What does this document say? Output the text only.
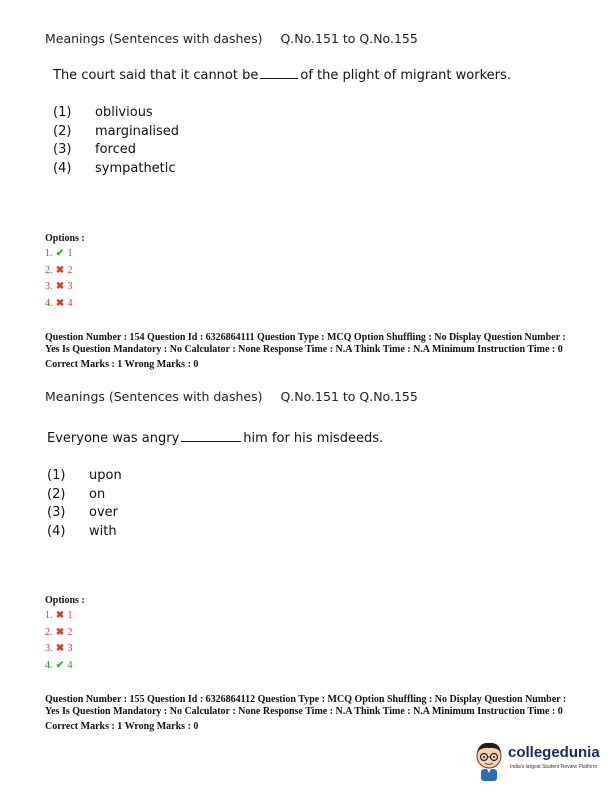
Meanings (Sentences with dashes) Q.No.151 to Q.No.155
The court said that it cannot be	of the plight of migrant workers.
(1) oblivious
(2) marginalised
(3) forced
(4) sympathetic
Options :
1. ✔ 1
2. ✖ 2
3. ✖ 3
4. ✖ 4
Question Number : 154 Question Id : 6326864111 Question Type : MCQ Option Shuffling : No Display Question Number : Yes Is Question Mandatory : No Calculator : None Response Time : N.A Think Time : N.A Minimum Instruction Time : 0
Correct Marks : 1 Wrong Marks : 0
Meanings (Sentences with dashes) Q.No.151 to Q.No.155
Everyone was angry	him for his misdeeds.
(1) upon
(2) on
(3) over
(4) with
Options :
1. ✖ 1
2. ✖ 2
3. ✖ 3
4. ✔ 4
Question Number : 155 Question Id : 6326864112 Question Type : MCQ Option Shuffling : No Display Question Number : Yes Is Question Mandatory : No Calculator : None Response Time : N.A Think Time : N.A Minimum Instruction Time : 0
Correct Marks : 1 Wrong Marks : 0
collegedunia
India's largest Student Review Platform
